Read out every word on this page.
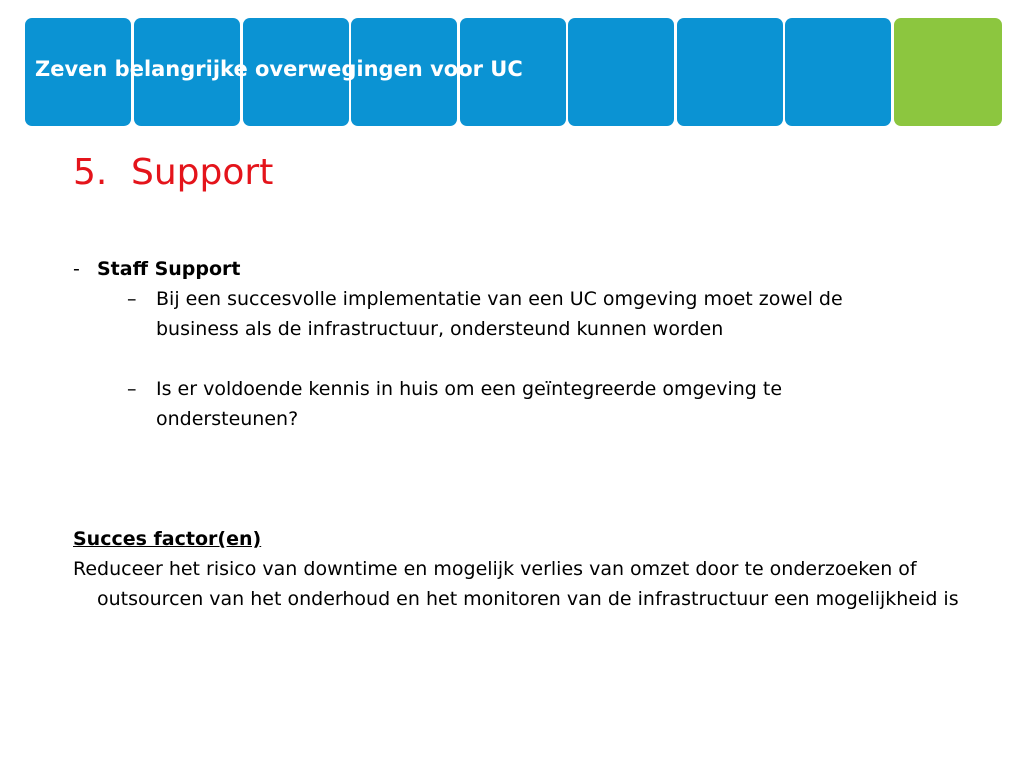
Zeven belangrijke overwegingen voor UC
5. Support
- Staff Support
–	Bij een succesvolle implementatie van een UC omgeving moet zowel de business als de infrastructuur, ondersteund kunnen worden
–	Is er voldoende kennis in huis om een geïntegreerde omgeving te ondersteunen?
Succes factor(en)
Reduceer het risico van downtime en mogelijk verlies van omzet door te onderzoeken of outsourcen van het onderhoud en het monitoren van de infrastructuur een mogelijkheid is
